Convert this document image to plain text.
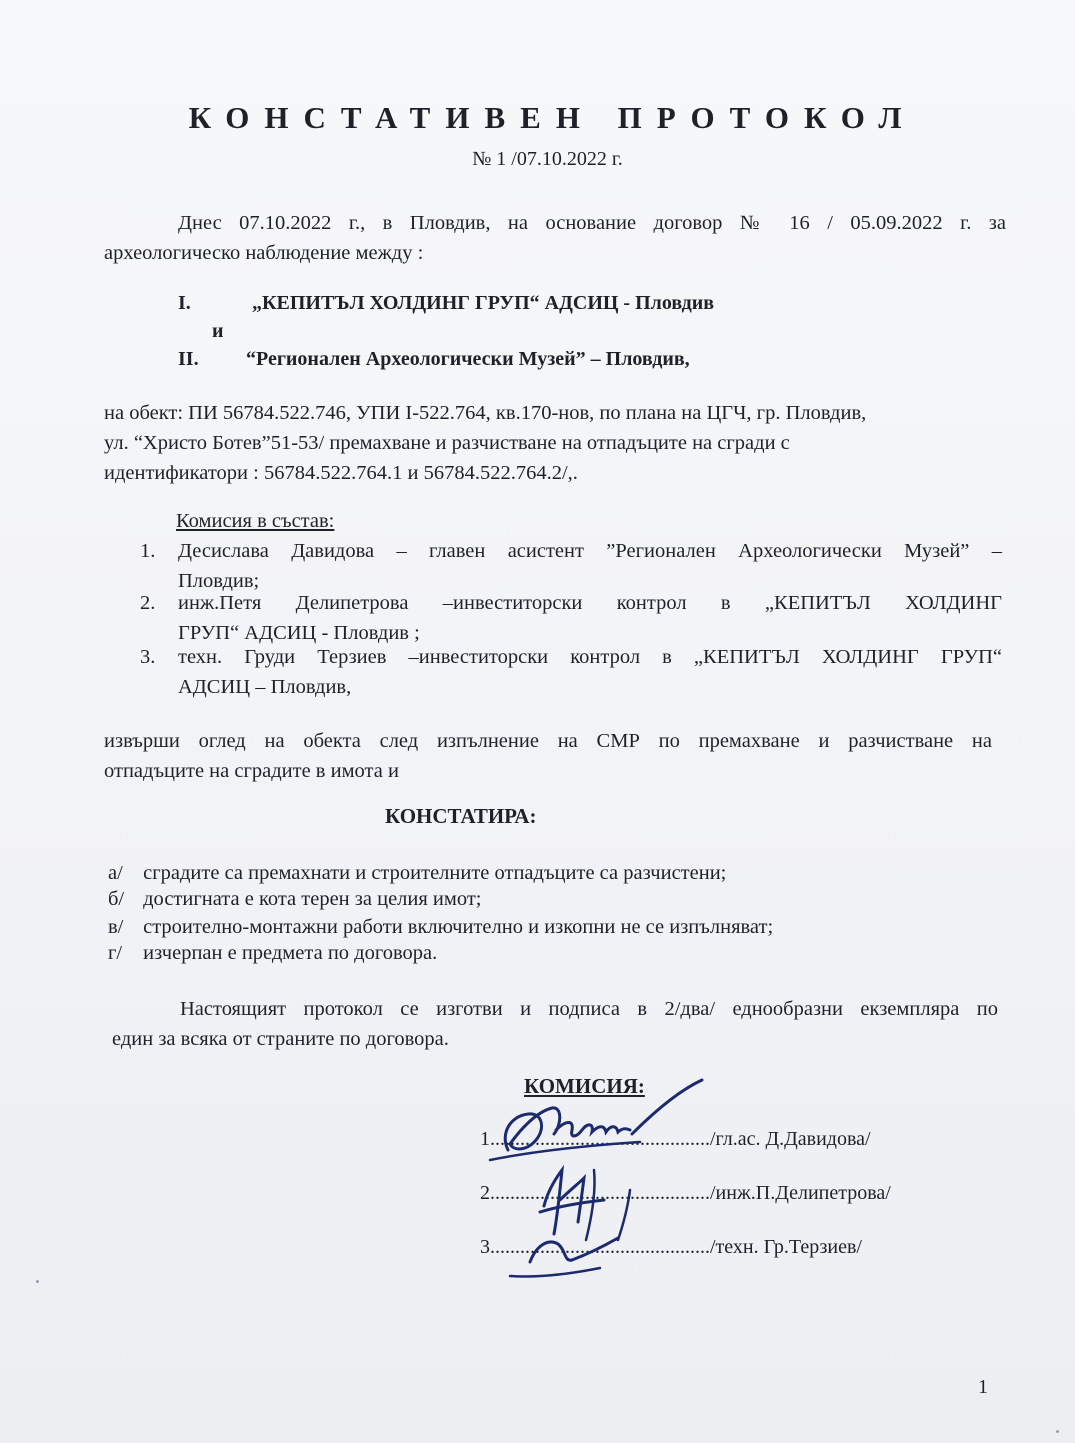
КОНСТАТИВЕН ПРОТОКОЛ
№ 1 /07.10.2022 г.
Днес 07.10.2022 г., в Пловдив, на основание договор № 16 / 05.09.2022 г. за
археологическо наблюдение между :
I.	„КЕПИТЪЛ ХОЛДИНГ ГРУП“ АДСИЦ - Пловдив
и
II. “Регионален Археологически Музей” – Пловдив,
на обект: ПИ 56784.522.746, УПИ I-522.764, кв.170-нов, по плана на ЦГЧ, гр. Пловдив,
ул. “Христо Ботев”51-53/ премахване и разчистване на отпадъците на сгради с
идентификатори : 56784.522.764.1 и 56784.522.764.2/,.
Комисия в състав:
1. Десислава Давидова – главен асистент ”Регионален Археологически Музей” –
Пловдив;
2. инж.Петя Делипетрова –инвеститорски контрол в „КЕПИТЪЛ ХОЛДИНГ
ГРУП“ АДСИЦ - Пловдив ;
3. техн. Груди Терзиев –инвеститорски контрол в „КЕПИТЪЛ ХОЛДИНГ ГРУП“
АДСИЦ – Пловдив,
извърши оглед на обекта след изпълнение на СМР по премахване и разчистване на
отпадъците на сградите в имота и
КОНСТАТИРА:
а/ сградите са премахнати и строителните отпадъците са разчистени;
б/ достигната е кота терен за целия имот;
в/ строително-монтажни работи включително и изкопни не се изпълняват;
г/ изчерпан е предмета по договора.
Настоящият протокол се изготви и подписа в 2/два/ еднообразни екземпляра по
един за всяка от страните по договора.
КОМИСИЯ:
1............................................/гл.ас. Д.Давидова/
2............................................/инж.П.Делипетрова/
3............................................/техн. Гр.Терзиев/
1
